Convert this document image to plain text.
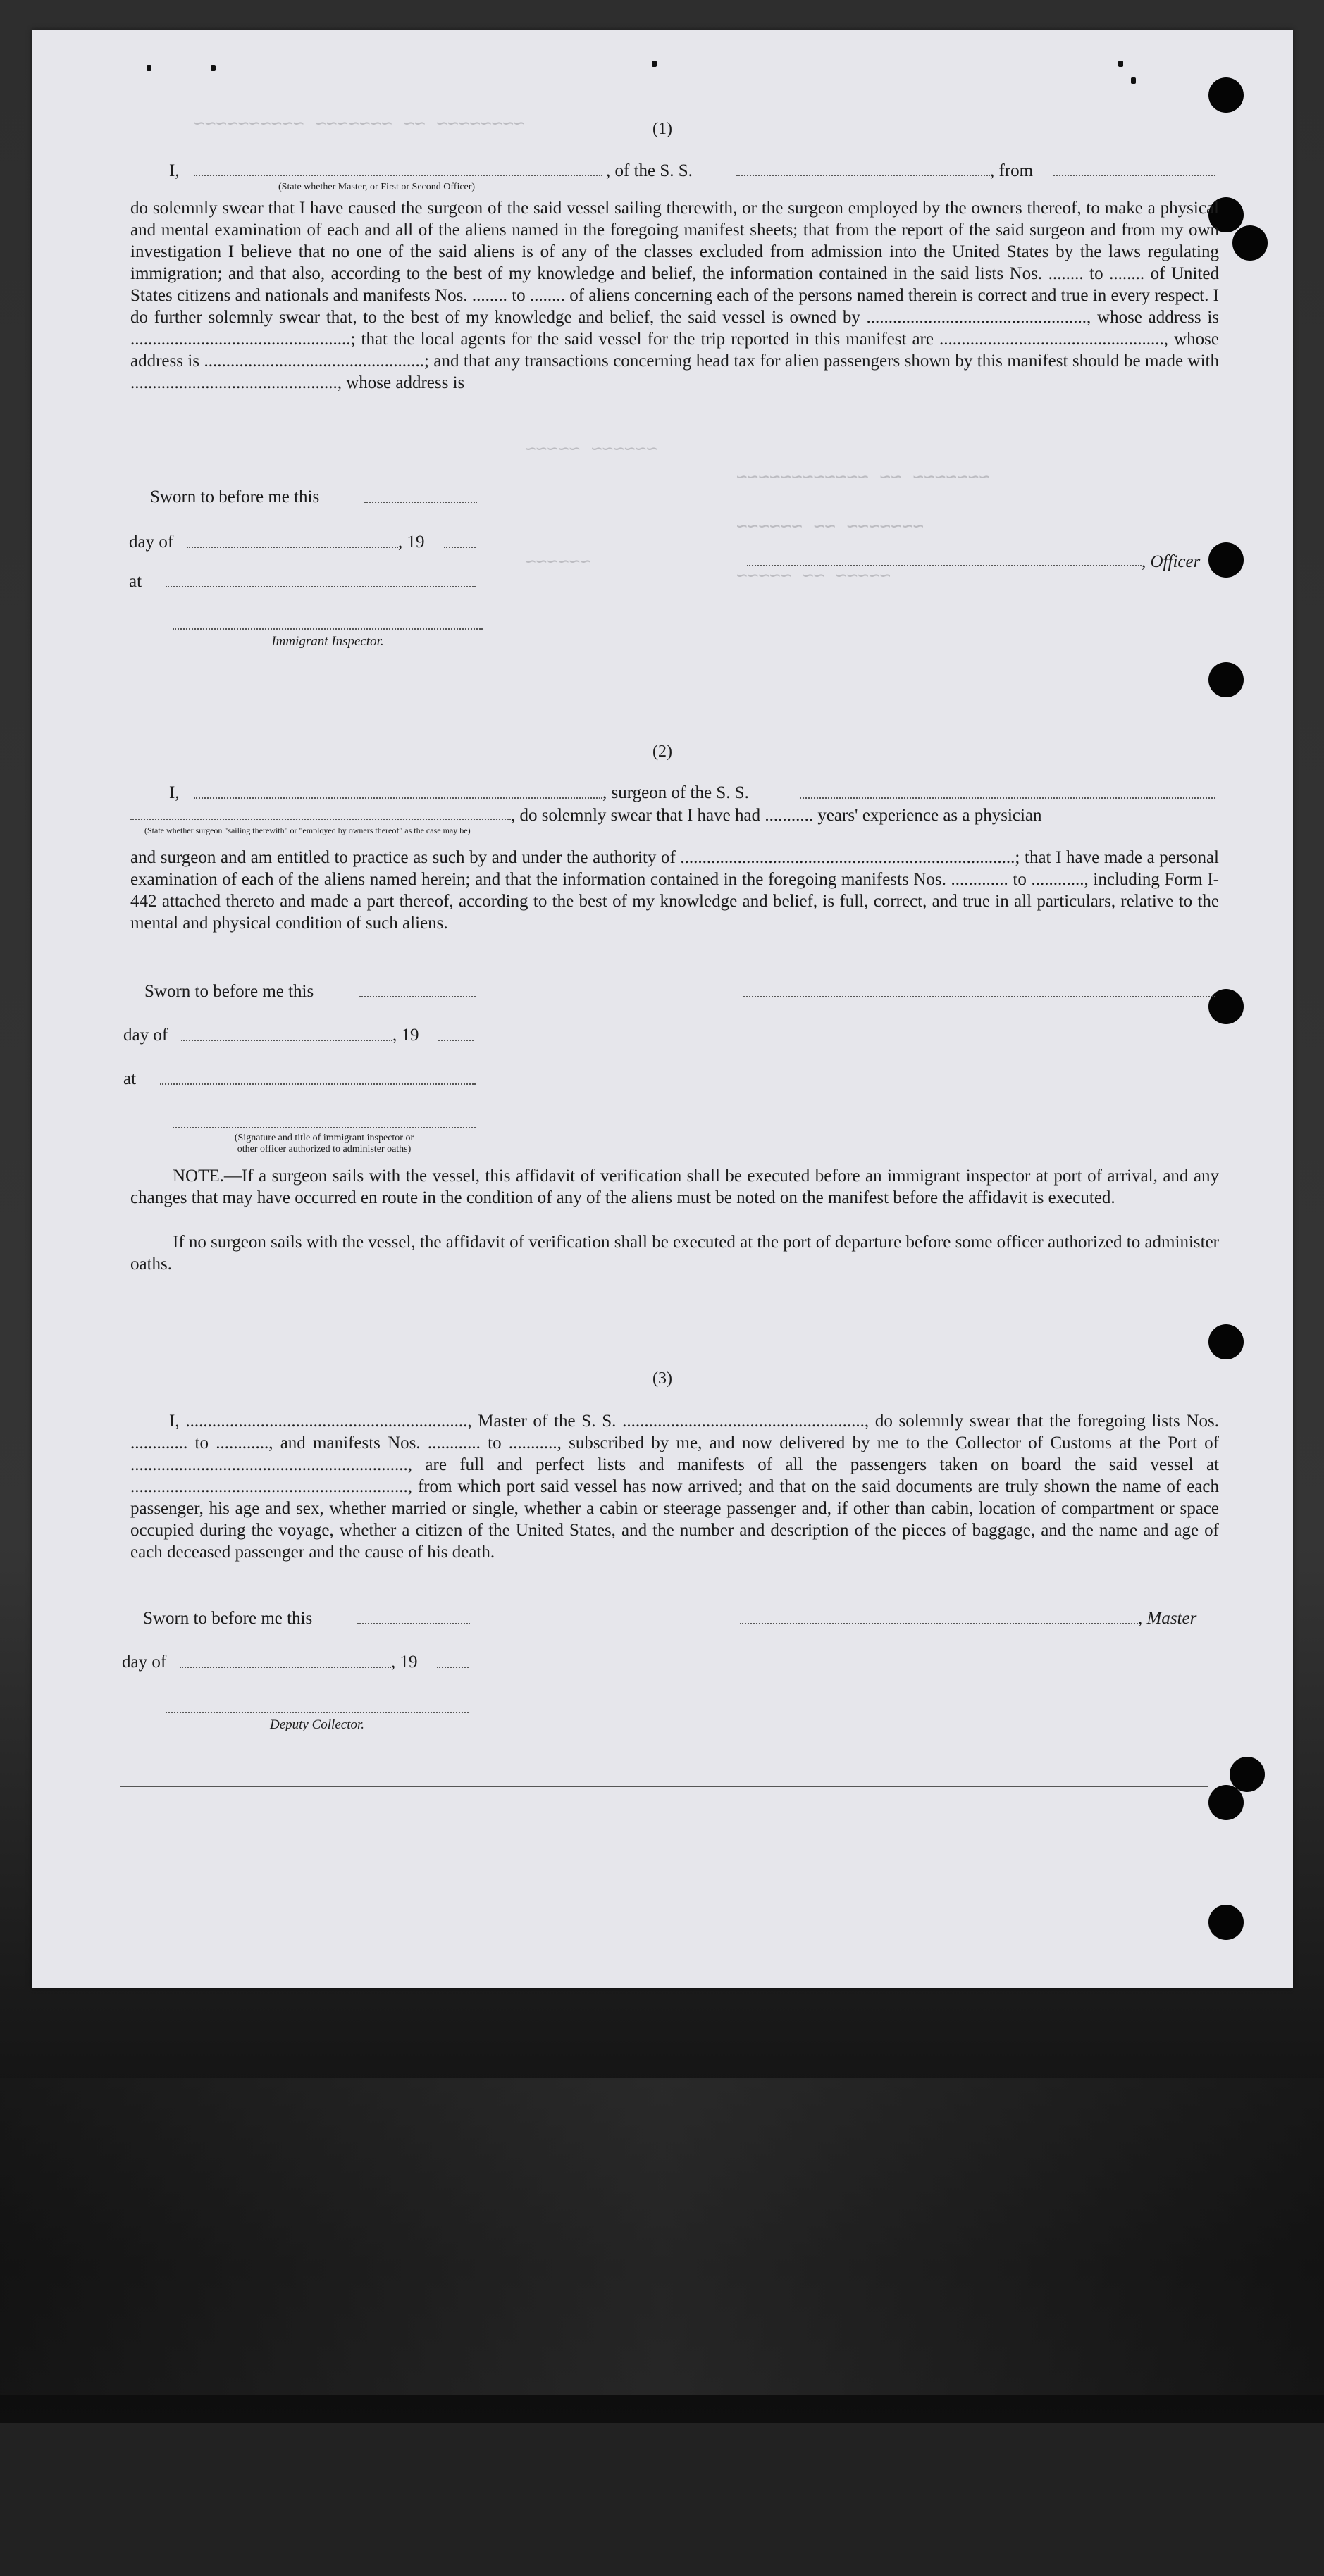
~~~~~~~~ ~~ ~~~~~~~ ~~~~~~~~~~
~~~~~~ ~~~~~
~~~~~~~ ~~ ~~~~~~~~~~~~
~~~~~~~ ~~ ~~~~~~
~~~~~~
~~~~~ ~~ ~~~~~
(1)
I,	, of the S. S.	, from
(State whether Master, or First or Second Officer)
do solemnly swear that I have caused the surgeon of the said vessel sailing therewith, or the surgeon employed by the owners thereof, to make a physical and mental examination of each and all of the aliens named in the foregoing manifest sheets; that from the report of the said surgeon and from my own investigation I believe that no one of the said aliens is of any of the classes excluded from admission into the United States by the laws regulating immigration; and that also, according to the best of my knowledge and belief, the information contained in the said lists Nos. ........ to ........ of United States citizens and nationals and manifests Nos. ........ to ........ of aliens concerning each of the persons named therein is correct and true in every respect. I do further solemnly swear that, to the best of my knowledge and belief, the said vessel is owned by .................................................., whose address is ..................................................; that the local agents for the said vessel for the trip reported in this manifest are ..................................................., whose address is ..................................................; and that any transactions concerning head tax for alien passengers shown by this manifest should be made with ..............................................., whose address is
Sworn to before me this
day of	, 19
at
, Officer
Immigrant Inspector.
(2)
I,	, surgeon of the S. S.
, do solemnly swear that I have had ........... years' experience as a physician
(State whether surgeon "sailing therewith" or "employed by owners thereof" as the case may be)
and surgeon and am entitled to practice as such by and under the authority of ............................................................................; that I have made a personal examination of each of the aliens named herein; and that the information contained in the foregoing manifests Nos. ............. to ............, including Form I-442 attached thereto and made a part thereof, according to the best of my knowledge and belief, is full, correct, and true in all particulars, relative to the mental and physical condition of such aliens.
Sworn to before me this
day of	, 19
at
(Signature and title of immigrant inspector or
other officer authorized to administer oaths)
NOTE.—If a surgeon sails with the vessel, this affidavit of verification shall be executed before an immigrant inspector at port of arrival, and any changes that may have occurred en route in the condition of any of the aliens must be noted on the manifest before the affidavit is executed.
If no surgeon sails with the vessel, the affidavit of verification shall be executed at the port of departure before some officer authorized to administer oaths.
(3)
I, ................................................................, Master of the S. S. ......................................................., do solemnly swear that the foregoing lists Nos. ............. to ............, and manifests Nos. ............ to ..........., subscribed by me, and now delivered by me to the Collector of Customs at the Port of ..............................................................., are full and perfect lists and manifests of all the passengers taken on board the said vessel at ..............................................................., from which port said vessel has now arrived; and that on the said documents are truly shown the name of each passenger, his age and sex, whether married or single, whether a cabin or steerage passenger and, if other than cabin, location of compartment or space occupied during the voyage, whether a citizen of the United States, and the number and description of the pieces of baggage, and the name and age of each deceased passenger and the cause of his death.
Sworn to before me this	, Master
day of	, 19
Deputy Collector.
